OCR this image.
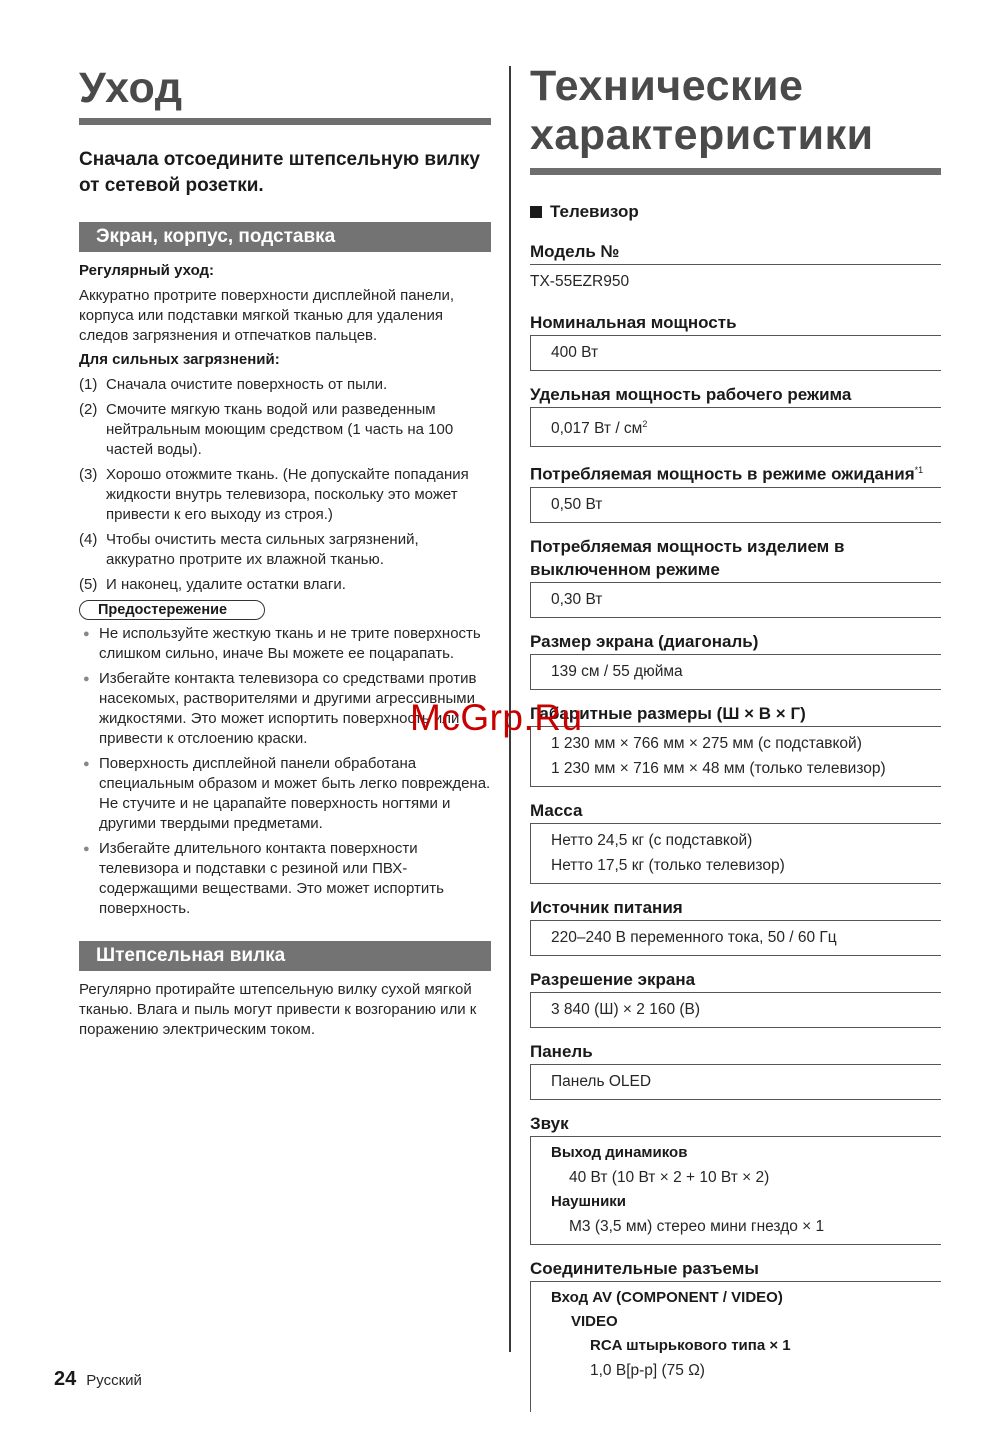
Уход
Сначала отсоедините штепсельную вилку от сетевой розетки.
Экран, корпус, подставка
Регулярный уход:
Аккуратно протрите поверхности дисплейной панели, корпуса или подставки мягкой тканью для удаления следов загрязнения и отпечатков пальцев.
Для сильных загрязнений:
(1) Сначала очистите поверхность от пыли.
(2) Смочите мягкую ткань водой или разведенным нейтральным моющим средством (1 часть на 100 частей воды).
(3) Хорошо отожмите ткань. (Не допускайте попадания жидкости внутрь телевизора, поскольку это может привести к его выходу из строя.)
(4) Чтобы очистить места сильных загрязнений, аккуратно протрите их влажной тканью.
(5) И наконец, удалите остатки влаги.
Предостережение
● Не используйте жесткую ткань и не трите поверхность слишком сильно, иначе Вы можете ее поцарапать.
● Избегайте контакта телевизора со средствами против насекомых, растворителями и другими агрессивными жидкостями. Это может испортить поверхность или привести к отслоению краски.
● Поверхность дисплейной панели обработана специальным образом и может быть легко повреждена. Не стучите и не царапайте поверхность ногтями и другими твердыми предметами.
● Избегайте длительного контакта поверхности телевизора и подставки с резиной или ПВХ-содержащими веществами. Это может испортить поверхность.
Штепсельная вилка
Регулярно протирайте штепсельную вилку сухой мягкой тканью. Влага и пыль могут привести к возгоранию или к поражению электрическим током.
Технические
характеристики
Телевизор
Модель №
TX-55EZR950
Номинальная мощность
400 Вт
Удельная мощность рабочего режима
0,017 Вт / $см^2$
Потребляемая мощность в режиме ожидания$^{*1}$
0,50 Вт
Потребляемая мощность изделием в выключенном режиме
0,30 Вт
Размер экрана (диагональ)
139 см / 55 дюйма
Габаритные размеры (Ш × В × Г)
1 230 мм × 766 мм × 275 мм (с подставкой)
1 230 мм × 716 мм × 48 мм (только телевизор)
Масса
Нетто 24,5 кг (с подставкой)
Нетто 17,5 кг (только телевизор)
Источник питания
220–240 В переменного тока, 50 / 60 Гц
Разрешение экрана
3 840 (Ш) × 2 160 (В)
Панель
Панель OLED
Звук
Выход динамиков
40 Вт (10 Вт × 2 + 10 Вт × 2)
Наушники
M3 (3,5 мм) стерео мини гнездо × 1
Соединительные разъемы
Вход AV (COMPONENT / VIDEO)
VIDEO
RCA штырькового типа × 1
1,0 В[p-p] (75 Ω)
McGrp.Ru
24 Русский
